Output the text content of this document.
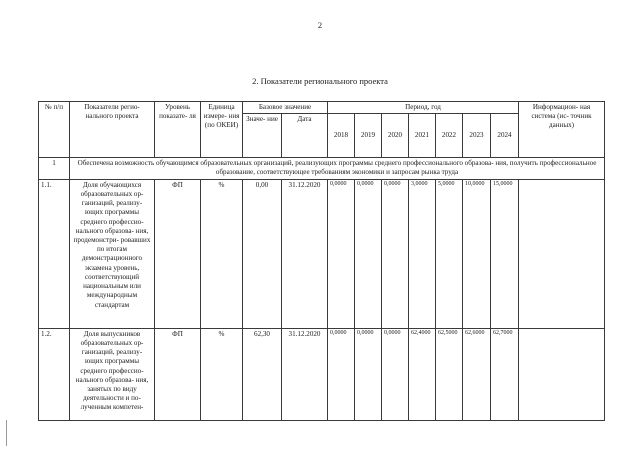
2
2. Показатели регионального проекта
№ п/п	Показатели регио- нального проекта	Уровень показате- ля	Единица измере- ния (по ОКЕИ)	Базовое значение		Период, год							Информацион- ная система (ис- точник данных)
				Значе- ние	Дата	2018	2019	2020	2021	2022	2023	2024	
1	Обеспечена возможность обучающимся образовательных организаций, реализующих программы среднего профессионального образова- ния, получить профессиональное образование, соответствующее требованиям экономики и запросам рынка труда												
1.1.	Доля обучающихся образовательных ор- ганизаций, реализу- ющих программы среднего профессио- нального образова- ния, продемонстри- ровавших по итогам демонстрационного экзамена уровень, соответствующий национальным или международным стандартам	ФП	%	0,00	31.12.2020	0,0000	0,0000	0,0000	3,0000	5,0000	10,0000	15,0000	
1.2.	Доля выпускников образовательных ор- ганизаций, реализу- ющих программы среднего профессио- нального образова- ния, занятых по виду деятельности и по- лученным компетен-	ФП	%	62,30	31.12.2020	0,0000	0,0000	0,0000	62,4000	62,5000	62,6000	62,7000	
